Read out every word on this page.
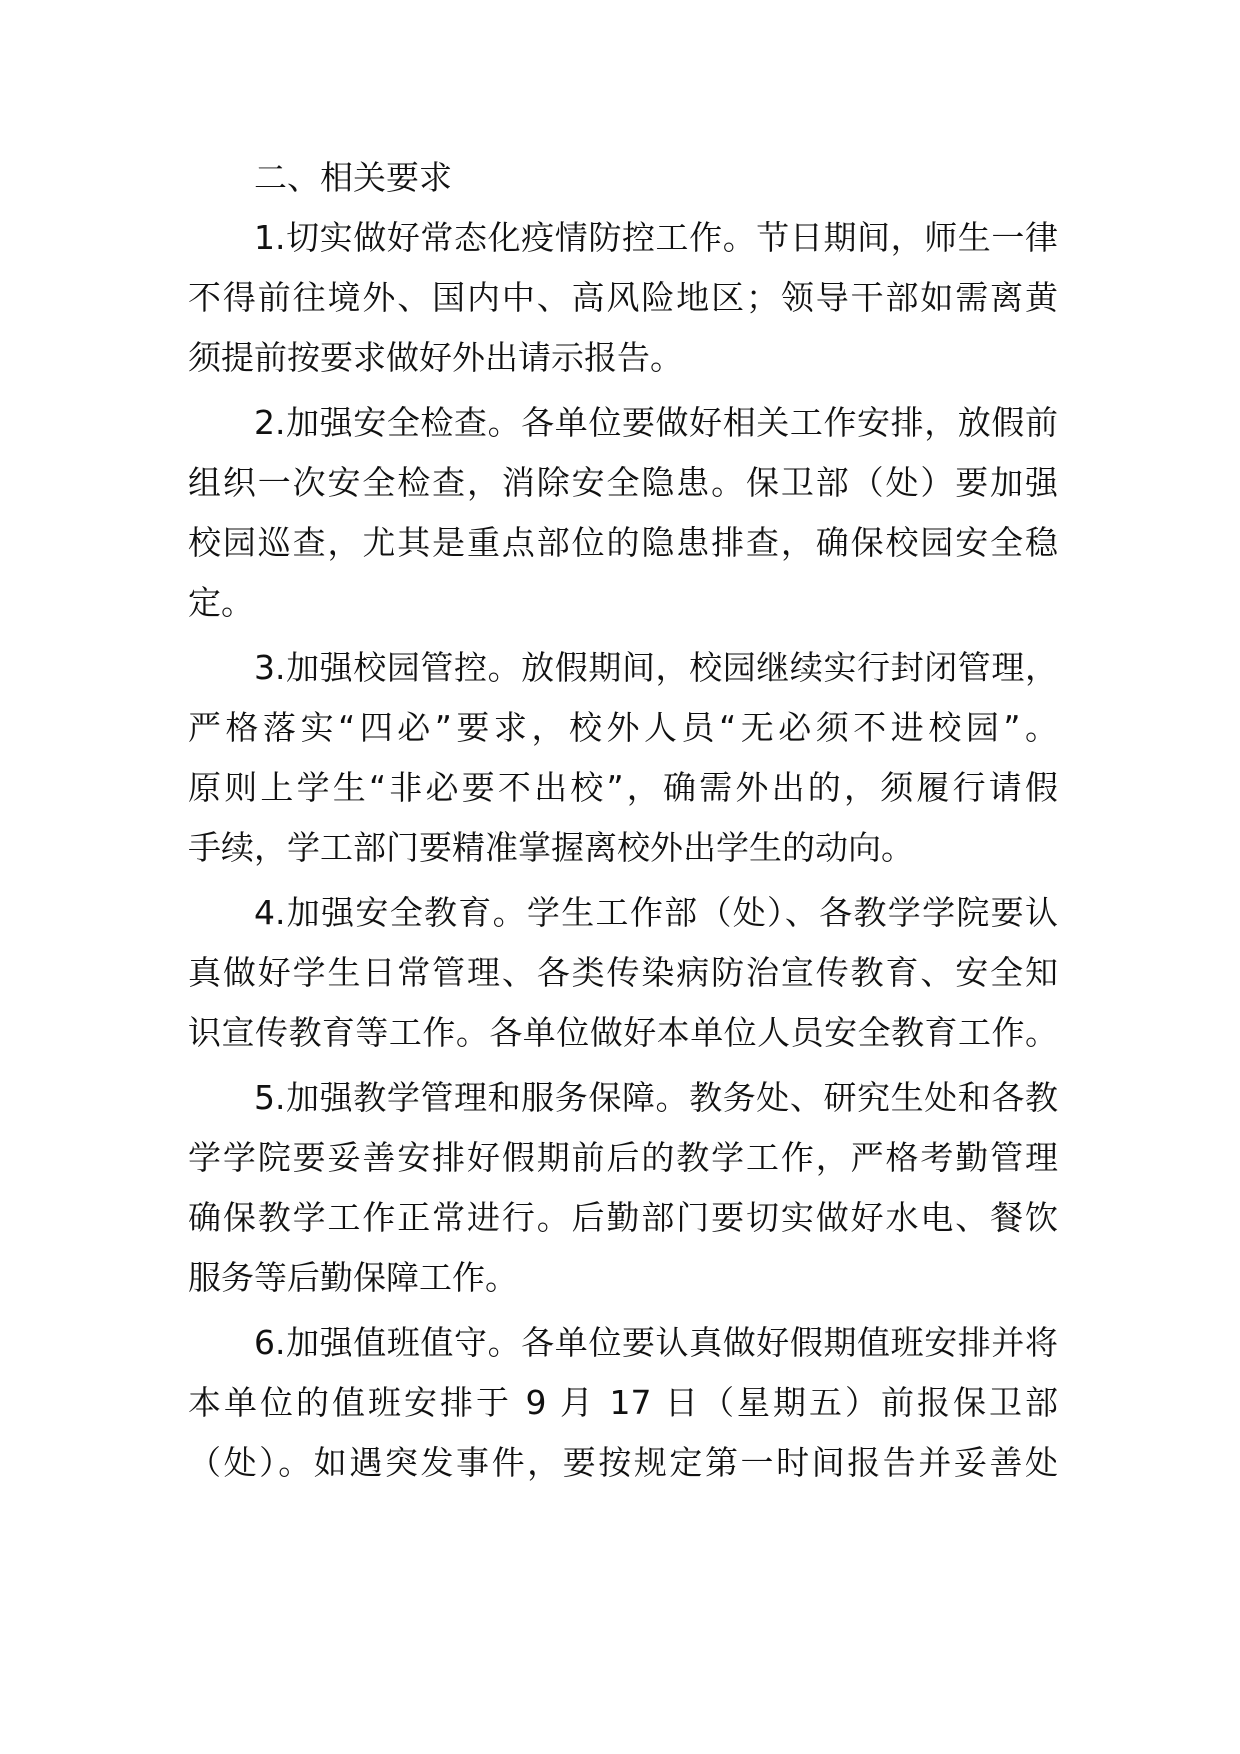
二、相关要求
1.切实做好常态化疫情防控工作。节日期间，师生一律
不得前往境外、国内中、高风险地区；领导干部如需离黄
须提前按要求做好外出请示报告。
2.加强安全检查。各单位要做好相关工作安排，放假前
组织一次安全检查，消除安全隐患。保卫部（处）要加强
校园巡查，尤其是重点部位的隐患排查，确保校园安全稳
定。
3.加强校园管控。放假期间，校园继续实行封闭管理，
严格落实“四必”要求，校外人员“无必须不进校园”。
原则上学生“非必要不出校”，确需外出的，须履行请假
手续，学工部门要精准掌握离校外出学生的动向。
4.加强安全教育。学生工作部（处）、各教学学院要认
真做好学生日常管理、各类传染病防治宣传教育、安全知
识宣传教育等工作。各单位做好本单位人员安全教育工作。
5.加强教学管理和服务保障。教务处、研究生处和各教
学学院要妥善安排好假期前后的教学工作，严格考勤管理
确保教学工作正常进行。后勤部门要切实做好水电、餐饮
服务等后勤保障工作。
6.加强值班值守。各单位要认真做好假期值班安排并将
本单位的值班安排于 9 月 17 日（星期五）前报保卫部
（处）。如遇突发事件，要按规定第一时间报告并妥善处
